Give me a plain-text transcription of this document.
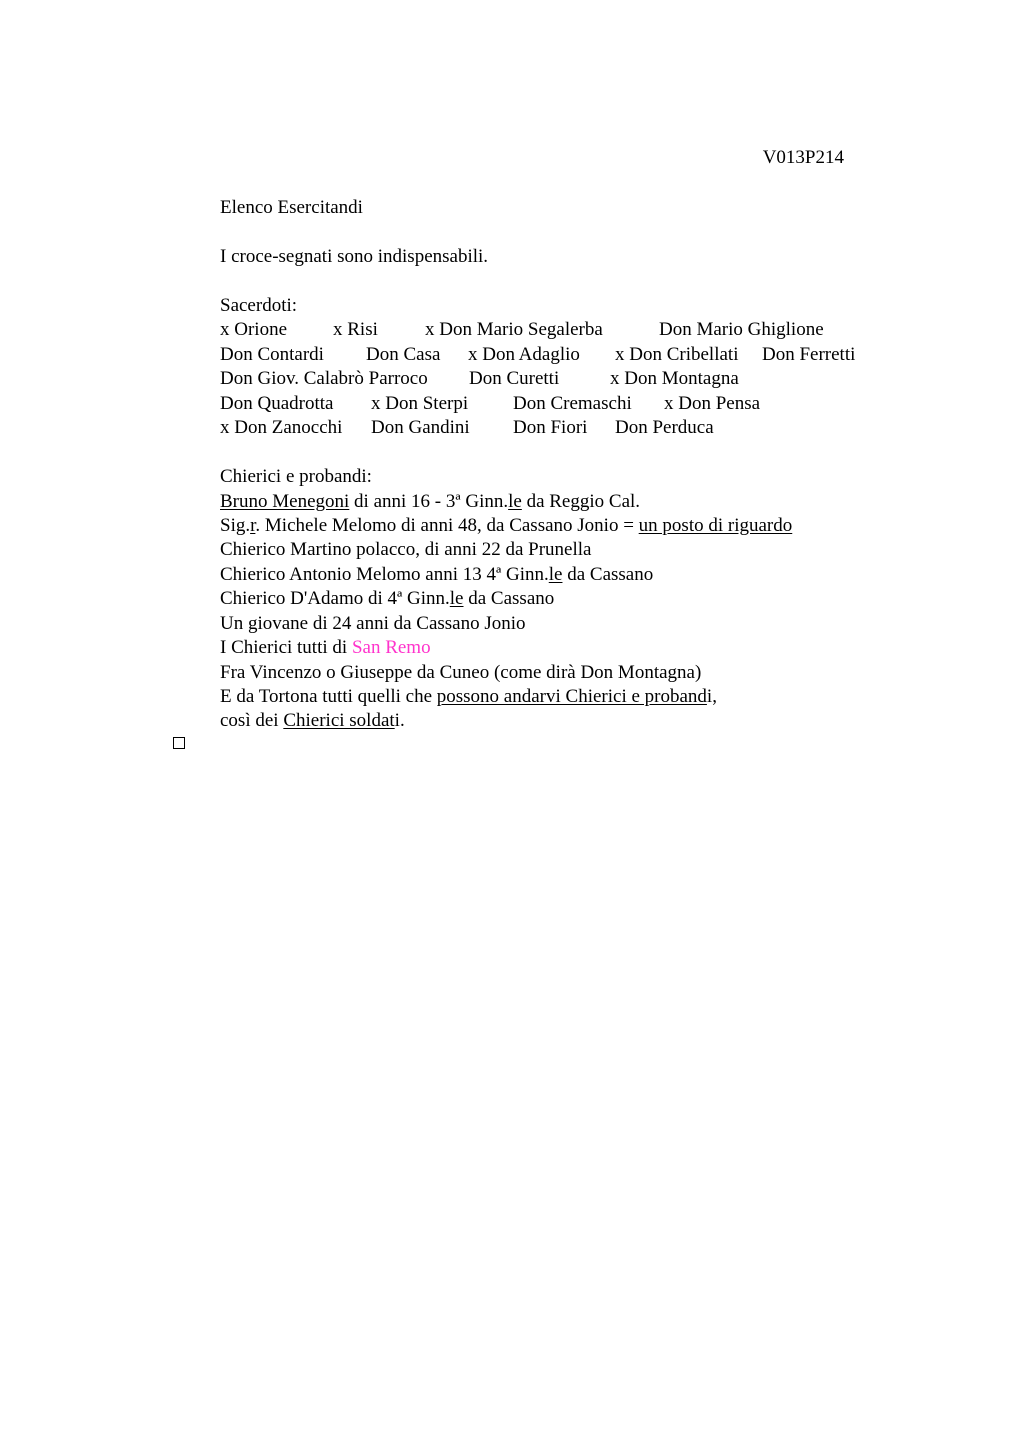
V013P214
Elenco Esercitandi
I croce-segnati sono indispensabili.
Sacerdoti:
x Orione x Risi x Don Mario Segalerba	Don Mario Ghiglione
Don Contardi Don Casa x Don Adaglio x Don Cribellati Don Ferretti
Don Giov. Calabrò Parroco Don Curetti	x Don Montagna
Don Quadrotta x Don Sterpi Don Cremaschi x Don Pensa
x Don Zanocchi Don Gandini Don Fiori Don Perduca
Chierici e probandi:
Bruno Menegoni di anni 16 - 3ª Ginn.le da Reggio Cal.
Sig.r. Michele Melomo di anni 48, da Cassano Jonio = un posto di riguardo
Chierico Martino polacco, di anni 22 da Prunella
Chierico Antonio Melomo anni 13 4ª Ginn.le da Cassano
Chierico D'Adamo di 4ª Ginn.le da Cassano
Un giovane di 24 anni da Cassano Jonio
I Chierici tutti di San Remo
Fra Vincenzo o Giuseppe da Cuneo (come dirà Don Montagna)
E da Tortona tutti quelli che possono andarvi Chierici e probandi,
così dei Chierici soldati.
